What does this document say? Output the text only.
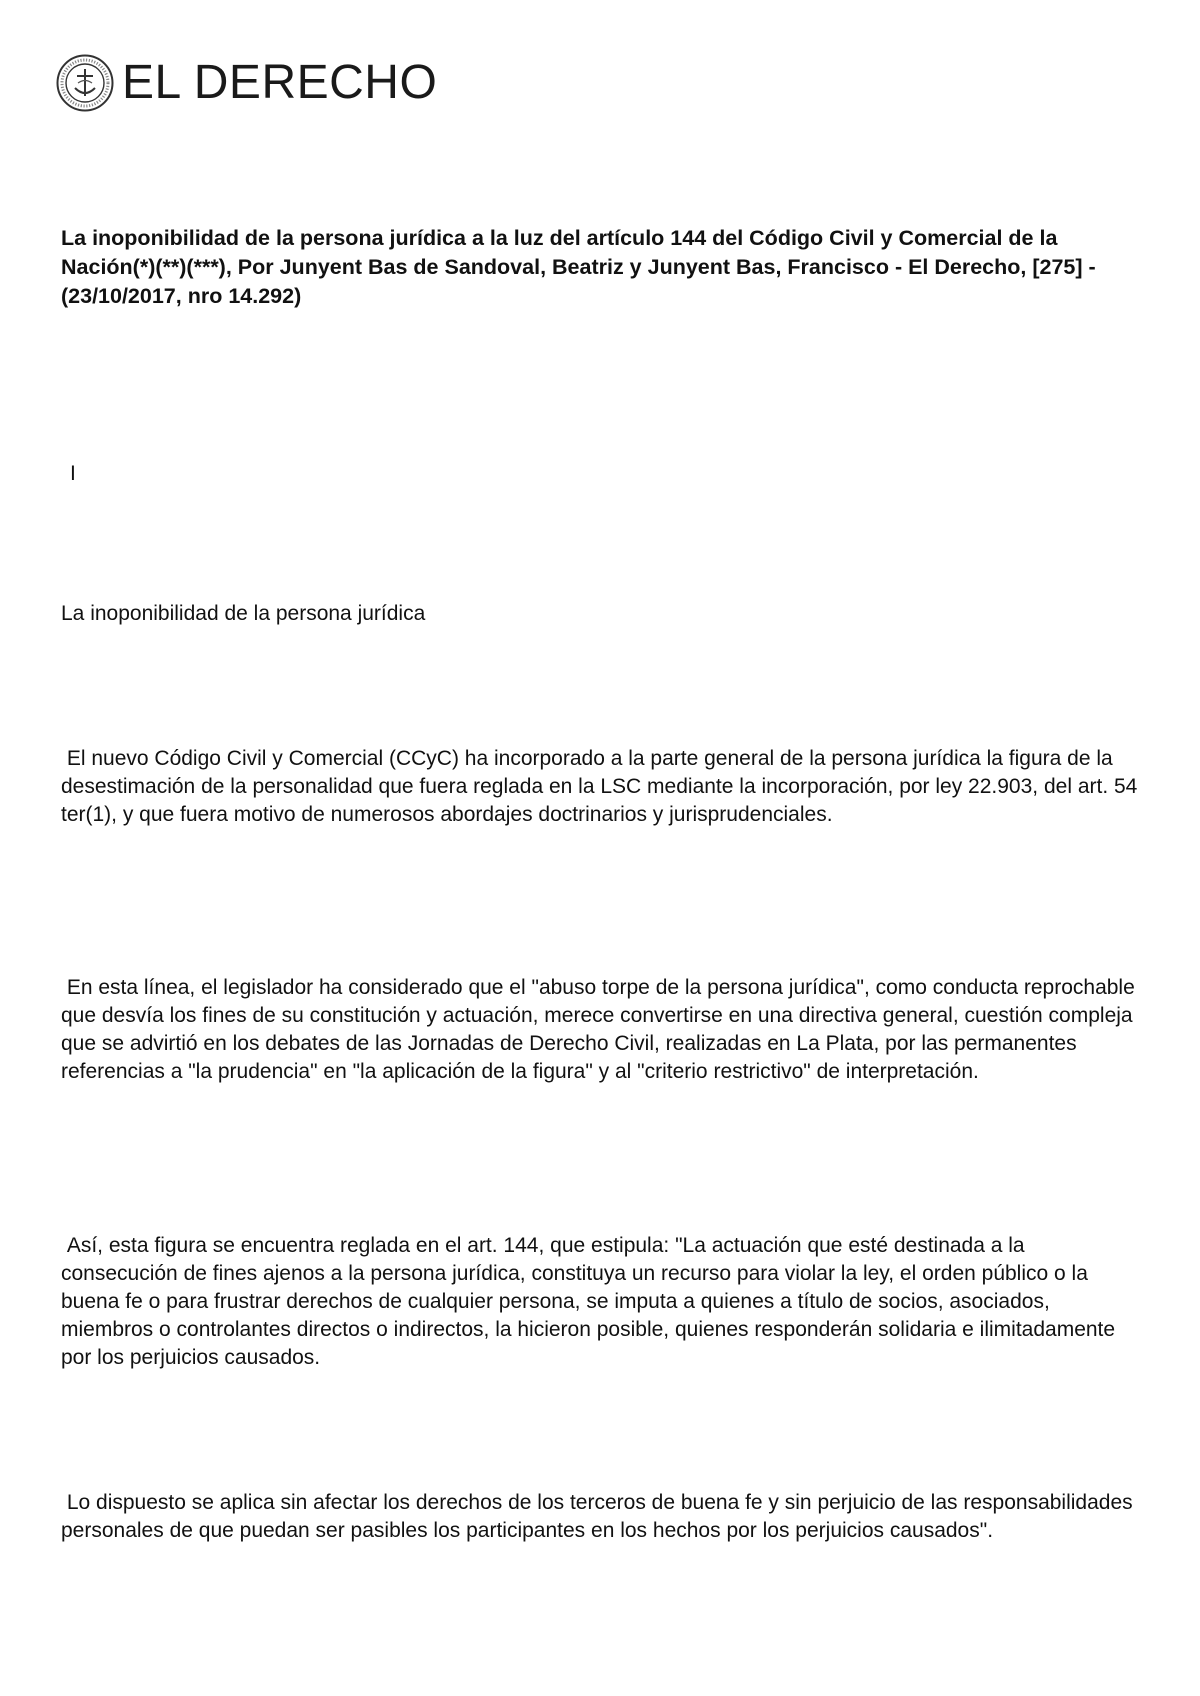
EL DERECHO
La inoponibilidad de la persona jurídica a la luz del artículo 144 del Código Civil y Comercial de la Nación(*)(**)(***), Por Junyent Bas de Sandoval, Beatriz y Junyent Bas, Francisco - El Derecho, [275] - (23/10/2017, nro 14.292)

I

La inoponibilidad de la persona jurídica

El nuevo Código Civil y Comercial (CCyC) ha incorporado a la parte general de la persona jurídica la figura de la desestimación de la personalidad que fuera reglada en la LSC mediante la incorporación, por ley 22.903, del art. 54 ter(1), y que fuera motivo de numerosos abordajes doctrinarios y jurisprudenciales.

En esta línea, el legislador ha considerado que el "abuso torpe de la persona jurídica", como conducta reprochable que desvía los fines de su constitución y actuación, merece convertirse en una directiva general, cuestión compleja que se advirtió en los debates de las Jornadas de Derecho Civil, realizadas en La Plata, por las permanentes referencias a "la prudencia" en "la aplicación de la figura" y al "criterio restrictivo" de interpretación.

Así, esta figura se encuentra reglada en el art. 144, que estipula: "La actuación que esté destinada a la consecución de fines ajenos a la persona jurídica, constituya un recurso para violar la ley, el orden público o la buena fe o para frustrar derechos de cualquier persona, se imputa a quienes a título de socios, asociados, miembros o controlantes directos o indirectos, la hicieron posible, quienes responderán solidaria e ilimitadamente por los perjuicios causados.

Lo dispuesto se aplica sin afectar los derechos de los terceros de buena fe y sin perjuicio de las responsabilidades personales de que puedan ser pasibles los participantes en los hechos por los perjuicios causados".
